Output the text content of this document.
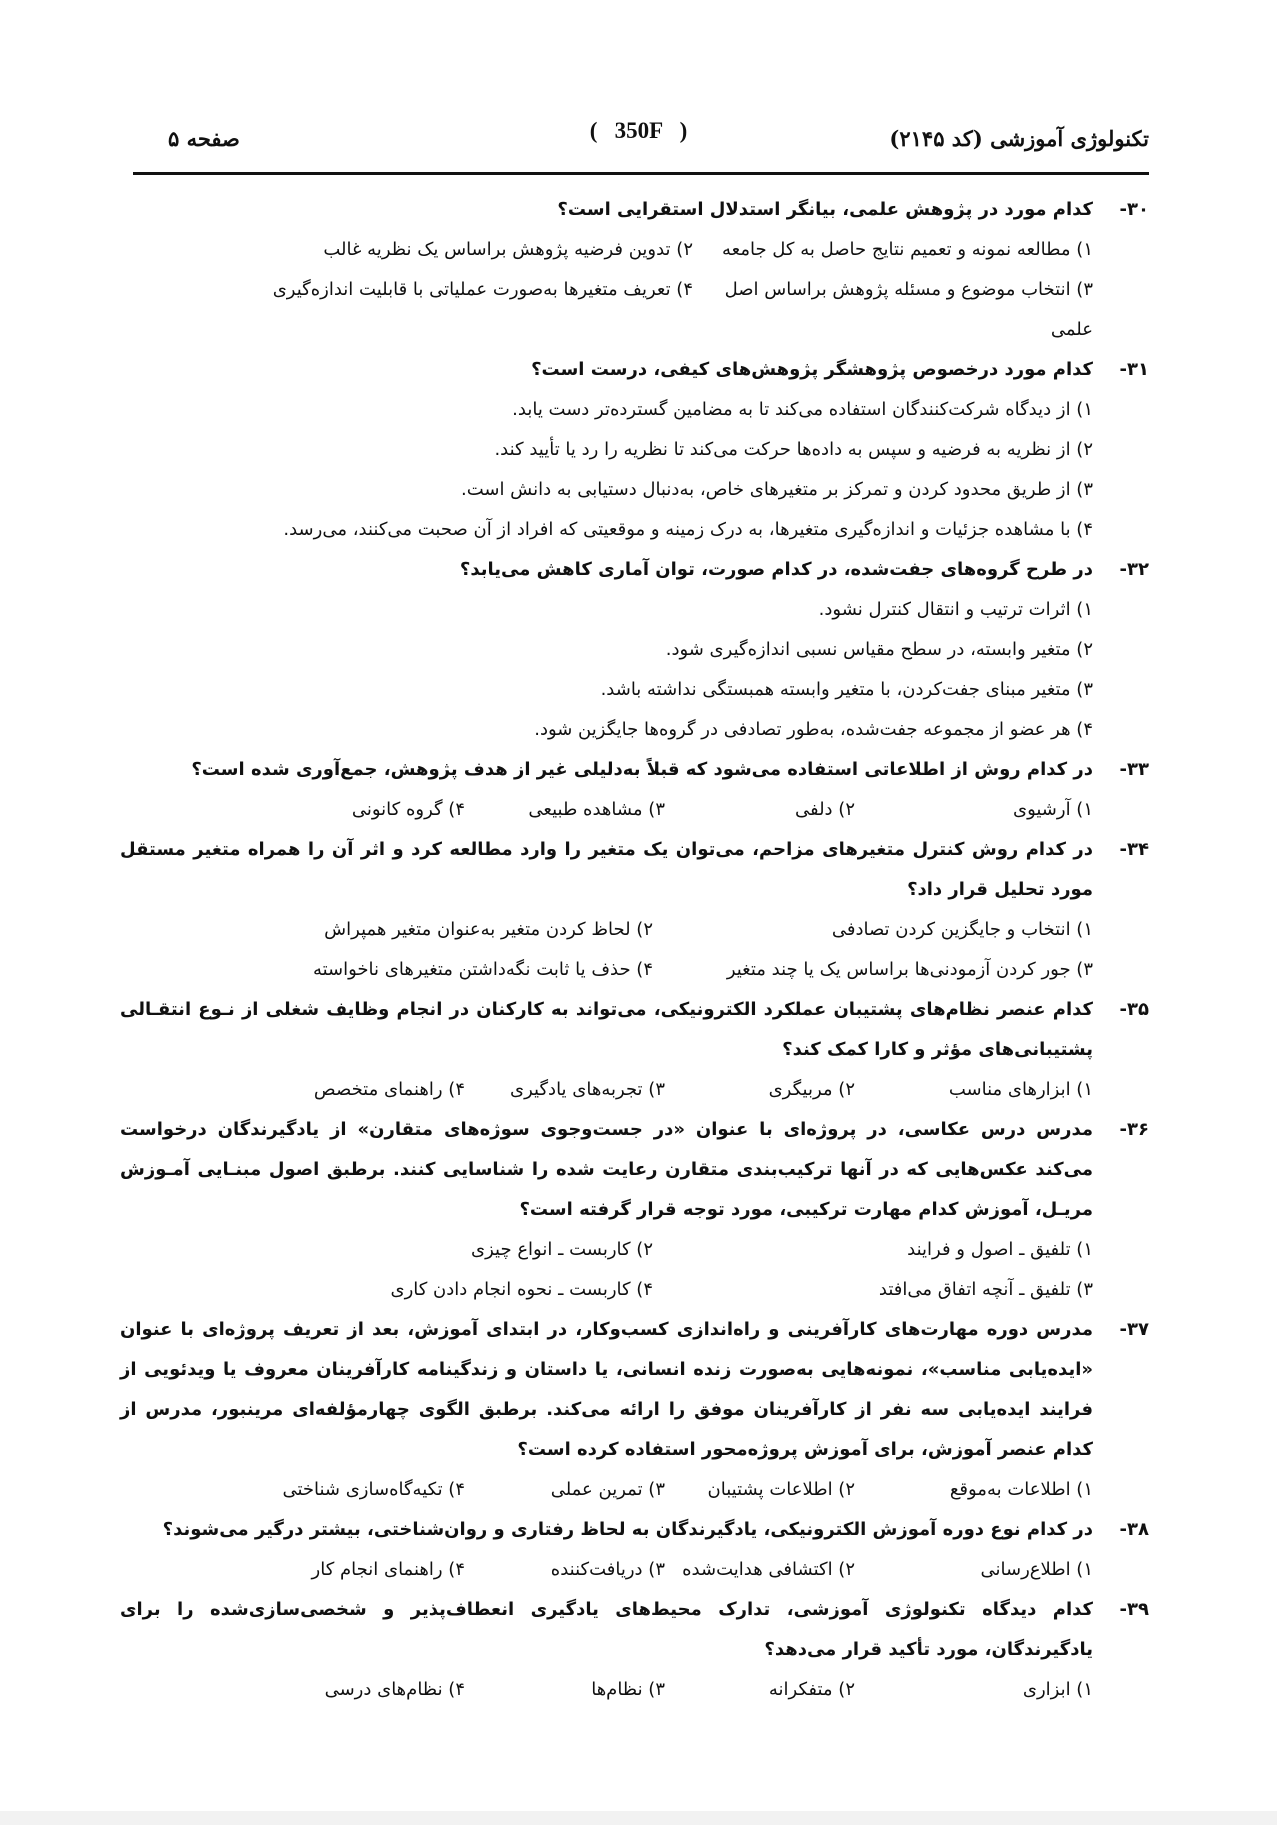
صفحه ۵	(   350F   )	تکنولوژی آموزشی (کد ۲۱۴۵)
۳۰-
کدام مورد در پژوهش علمی، بیانگر استدلال استقرایی است؟
۱) مطالعه نمونه و تعمیم نتایج حاصل به کل جامعه
۲) تدوین فرضیه پژوهش براساس یک نظریه غالب
۳) انتخاب موضوع و مسئله پژوهش براساس اصل علمی
۴) تعریف متغیرها به‌صورت عملیاتی با قابلیت اندازه‌گیری
۳۱-
کدام مورد درخصوص پژوهشگر پژوهش‌های کیفی، درست است؟
۱) از دیدگاه شرکت‌کنندگان استفاده می‌کند تا به مضامین گسترده‌تر دست یابد.
۲) از نظریه به فرضیه و سپس به داده‌ها حرکت می‌کند تا نظریه را رد یا تأیید کند.
۳) از طریق محدود کردن و تمرکز بر متغیرهای خاص، به‌دنبال دستیابی به دانش است.
۴) با مشاهده جزئیات و اندازه‌گیری متغیرها، به درک زمینه و موقعیتی که افراد از آن صحبت می‌کنند، می‌رسد.
۳۲-
در طرح گروه‌های جفت‌شده، در کدام صورت، توان آماری کاهش می‌یابد؟
۱) اثرات ترتیب و انتقال کنترل نشود.
۲) متغیر وابسته، در سطح مقیاس نسبی اندازه‌گیری شود.
۳) متغیر مبنای جفت‌کردن، با متغیر وابسته همبستگی نداشته باشد.
۴) هر عضو از مجموعه جفت‌شده، به‌طور تصادفی در گروه‌ها جایگزین شود.
۳۳-
در کدام روش از اطلاعاتی استفاده می‌شود که قبلاً به‌دلیلی غیر از هدف پژوهش، جمع‌آوری شده است؟
۱) آرشیوی
۲) دلفی
۳) مشاهده طبیعی
۴) گروه کانونی
۳۴-
در کدام روش کنترل متغیرهای مزاحم، می‌توان یک متغیر را وارد مطالعه کرد و اثر آن را همراه متغیر مستقل مورد تحلیل قرار داد؟
۱) انتخاب و جایگزین کردن تصادفی
۲) لحاظ کردن متغیر به‌عنوان متغیر همپراش
۳) جور کردن آزمودنی‌ها براساس یک یا چند متغیر
۴) حذف یا ثابت نگه‌داشتن متغیرهای ناخواسته
۳۵-
کدام عنصر نظام‌های پشتیبان عملکرد الکترونیکی، می‌تواند به کارکنان در انجام وظایف شغلی از نـوع انتقـالی پشتیبانی‌های مؤثر و کارا کمک کند؟
۱) ابزارهای مناسب
۲) مربیگری
۳) تجربه‌های یادگیری
۴) راهنمای متخصص
۳۶-
مدرس درس عکاسی، در پروژه‌ای با عنوان «در جست‌وجوی سوژه‌های متقارن» از یادگیرندگان درخواست می‌کند عکس‌هایی که در آنها ترکیب‌بندی متقارن رعایت شده را شناسایی کنند. برطبق اصول مبنـایی آمـوزش مریـل، آموزش کدام مهارت ترکیبی، مورد توجه قرار گرفته است؟
۱) تلفیق ـ اصول و فرایند
۲) کاربست ـ انواع چیزی
۳) تلفیق ـ آنچه اتفاق می‌افتد
۴) کاربست ـ نحوه انجام دادن کاری
۳۷-
مدرس دوره مهارت‌های کارآفرینی و راه‌اندازی کسب‌وکار، در ابتدای آموزش، بعد از تعریف پروژه‌ای با عنوان «ایده‌یابی مناسب»، نمونه‌هایی به‌صورت زنده انسانی، یا داستان و زندگینامه کارآفرینان معروف یا ویدئویی از فرایند ایده‌یابی سه نفر از کارآفرینان موفق را ارائه می‌کند. برطبق الگوی چهارمؤلفه‌ای مرینبور، مدرس از کدام عنصر آموزش، برای آموزش پروژه‌محور استفاده کرده است؟
۱) اطلاعات به‌موقع
۲) اطلاعات پشتیبان
۳) تمرین عملی
۴) تکیه‌گاه‌سازی شناختی
۳۸-
در کدام نوع دوره آموزش الکترونیکی، یادگیرندگان به لحاظ رفتاری و روان‌شناختی، بیشتر درگیر می‌شوند؟
۱) اطلاع‌رسانی
۲) اکتشافی هدایت‌شده
۳) دریافت‌کننده
۴) راهنمای انجام کار
۳۹-
کدام دیدگاه تکنولوژی آموزشی، تدارک محیط‌های یادگیری انعطاف‌پذیر و شخصی‌سازی‌شده را برای یادگیرندگان، مورد تأکید قرار می‌دهد؟
۱) ابزاری
۲) متفکرانه
۳) نظام‌ها
۴) نظام‌های درسی
